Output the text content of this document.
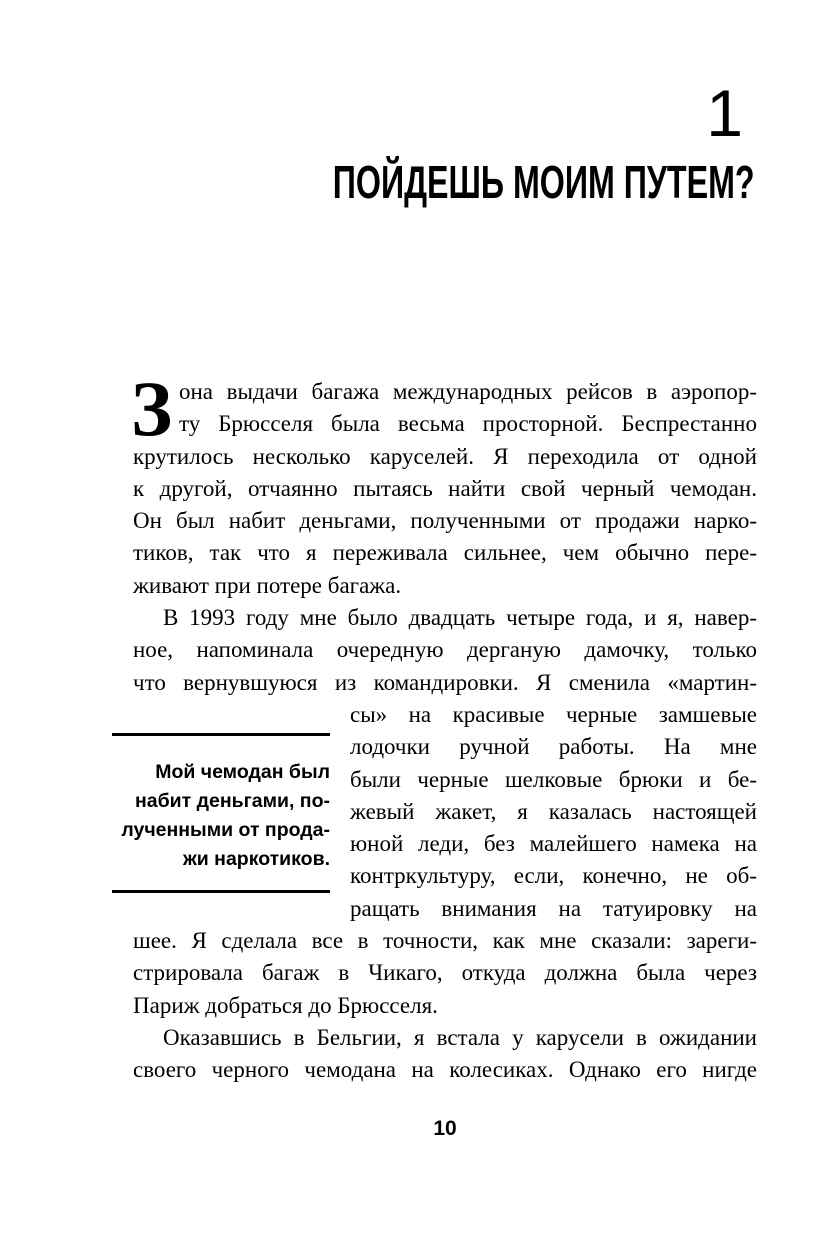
1
ПОЙДЕШЬ МОИМ ПУТЕМ?
З она выдачи багажа международных рейсов в аэропор-
ту Брюсселя была весьма просторной. Беспрестанно
крутилось несколько каруселей. Я переходила от одной
к другой, отчаянно пытаясь найти свой черный чемодан.
Он был набит деньгами, полученными от продажи нарко-
тиков, так что я переживала сильнее, чем обычно пере-
живают при потере багажа.
В 1993 году мне было двадцать четыре года, и я, навер-
ное, напоминала очередную дерганую дамочку, только
что вернувшуюся из командировки. Я сменила «мартин-
сы» на красивые черные замшевые
лодочки ручной работы. На мне
были черные шелковые брюки и бе-
жевый жакет, я казалась настоящей
юной леди, без малейшего намека на
контркультуру, если, конечно, не об-
ращать внимания на татуировку на
шее. Я сделала все в точности, как мне сказали: зареги-
стрировала багаж в Чикаго, откуда должна была через
Париж добраться до Брюсселя.
Оказавшись в Бельгии, я встала у карусели в ожидании
своего черного чемодана на колесиках. Однако его нигде
Мой чемодан был
набит деньгами, по-
лученными от прода-
жи наркотиков.
10
